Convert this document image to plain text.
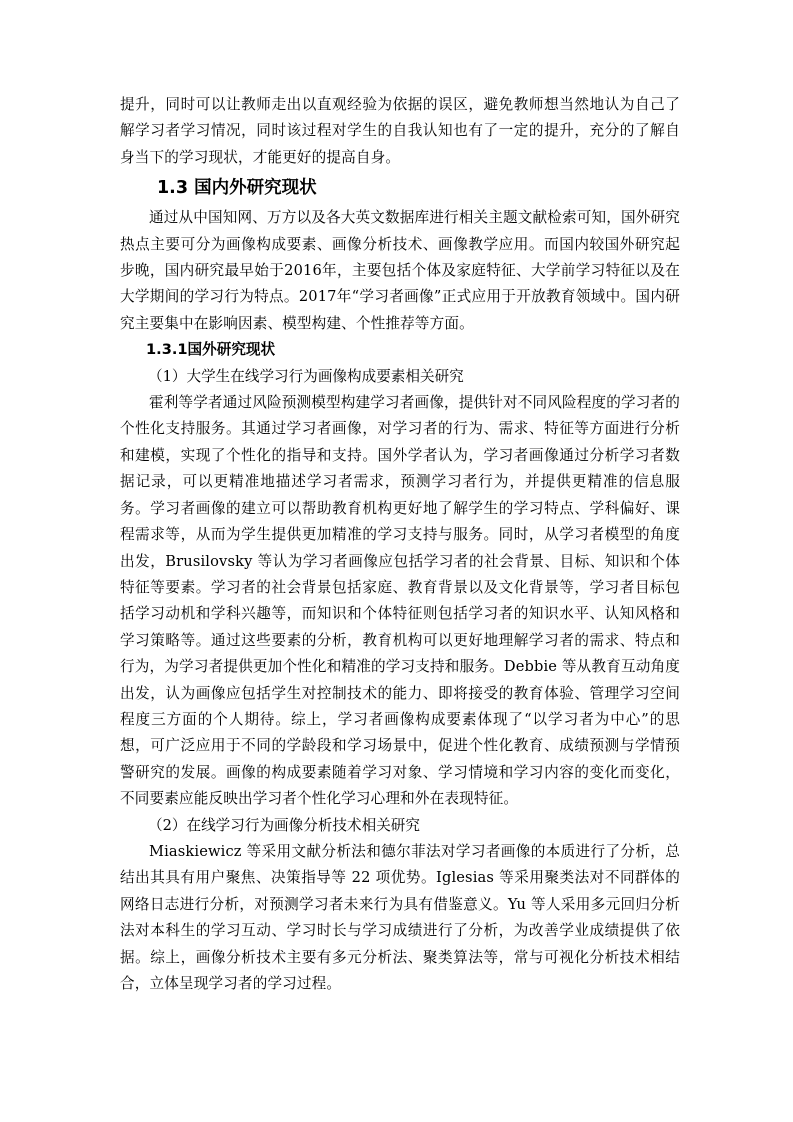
提升，同时可以让教师走出以直观经验为依据的误区，避免教师想当然地认为自己了解学习者学习情况，同时该过程对学生的自我认知也有了一定的提升，充分的了解自身当下的学习现状，才能更好的提高自身。

1.3 国内外研究现状

通过从中国知网、万方以及各大英文数据库进行相关主题文献检索可知，国外研究热点主要可分为画像构成要素、画像分析技术、画像教学应用。而国内较国外研究起步晚，国内研究最早始于2016年，主要包括个体及家庭特征、大学前学习特征以及在大学期间的学习行为特点。2017年“学习者画像”正式应用于开放教育领域中。国内研究主要集中在影响因素、模型构建、个性推荐等方面。

1.3.1国外研究现状
（1）大学生在线学习行为画像构成要素相关研究

霍利等学者通过风险预测模型构建学习者画像，提供针对不同风险程度的学习者的个性化支持服务。其通过学习者画像，对学习者的行为、需求、特征等方面进行分析和建模，实现了个性化的指导和支持。国外学者认为，学习者画像通过分析学习者数据记录，可以更精准地描述学习者需求，预测学习者行为，并提供更精准的信息服务。学习者画像的建立可以帮助教育机构更好地了解学生的学习特点、学科偏好、课程需求等，从而为学生提供更加精准的学习支持与服务。同时，从学习者模型的角度出发，Brusilovsky 等认为学习者画像应包括学习者的社会背景、目标、知识和个体特征等要素。学习者的社会背景包括家庭、教育背景以及文化背景等，学习者目标包括学习动机和学科兴趣等，而知识和个体特征则包括学习者的知识水平、认知风格和学习策略等。通过这些要素的分析，教育机构可以更好地理解学习者的需求、特点和行为，为学习者提供更加个性化和精准的学习支持和服务。Debbie 等从教育互动角度出发，认为画像应包括学生对控制技术的能力、即将接受的教育体验、管理学习空间程度三方面的个人期待。综上，学习者画像构成要素体现了“以学习者为中心”的思想，可广泛应用于不同的学龄段和学习场景中，促进个性化教育、成绩预测与学情预警研究的发展。画像的构成要素随着学习对象、学习情境和学习内容的变化而变化，不同要素应能反映出学习者个性化学习心理和外在表现特征。

（2）在线学习行为画像分析技术相关研究

Miaskiewicz 等采用文献分析法和德尔菲法对学习者画像的本质进行了分析，总结出其具有用户聚焦、决策指导等 22 项优势。Iglesias 等采用聚类法对不同群体的网络日志进行分析，对预测学习者未来行为具有借鉴意义。Yu 等人采用多元回归分析法对本科生的学习互动、学习时长与学习成绩进行了分析，为改善学业成绩提供了依据。综上，画像分析技术主要有多元分析法、聚类算法等，常与可视化分析技术相结合，立体呈现学习者的学习过程。
